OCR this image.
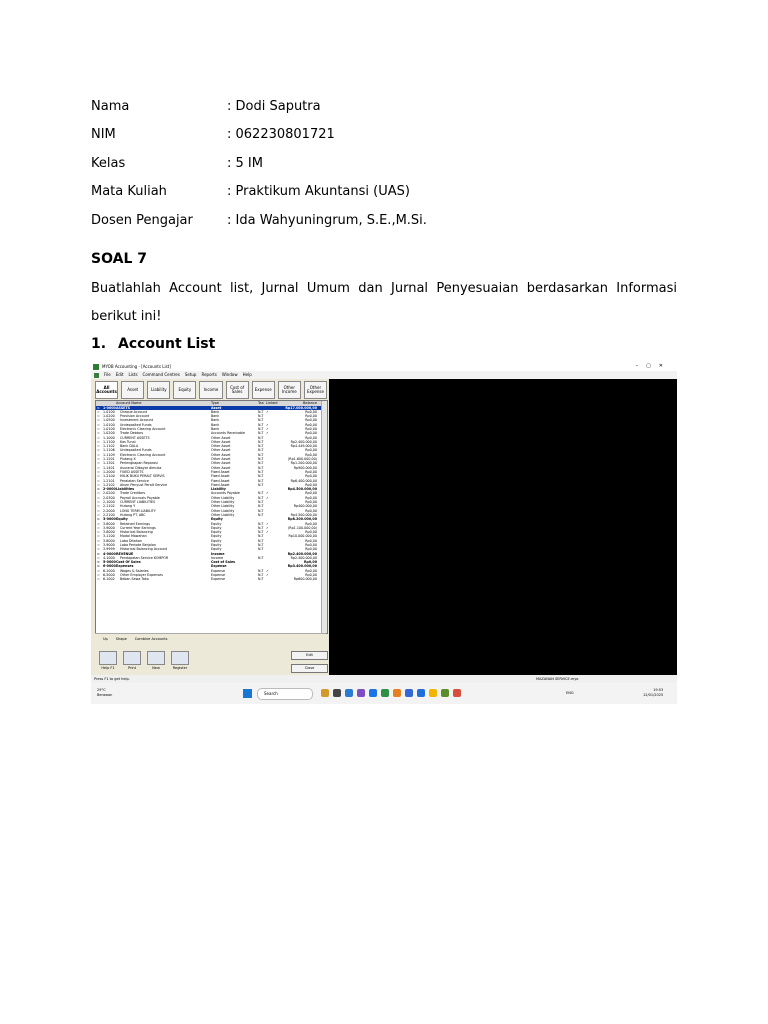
Nama	: Dodi Saputra
NIM	: 062230801721
Kelas	: 5 IM
Mata Kuliah	: Praktikum Akuntansi (UAS)
Dosen Pengajar	: Ida Wahyuningrum, S.E.,M.Si.
SOAL 7
Buatlahlah Account list, Jurnal Umum dan Jurnal Penyesuaian berdasarkan Informasi berikut ini!
1. Account List
MYOB Accounting - [Accounts List]	–▢✕
File Edit Lists Command Centres Setup Reports Window Help
All Accounts	Asset	Liability	Equity	Income	Cost of Sales	Expense	Other Income
Other Expense
Account Name	Type	Tax Linked	Balance
⇨ 1-0000 ASSETS	Asset	Rp17.000.000,00
⇨ 1-0100	Cheque Account	Bank	N-T ✓	Rp0,00
⇨ 1-0200	Provision Account	Bank	N-T	Rp0,00
⇨ 1-0500	Investment Account	Bank	N-T	Rp0,00
⇨ 1-0100	Undeposited Funds	Bank	N-T ✓	Rp0,00
⇨ 1-0100	Electronic Clearing Account	Bank	N-T ✓	Rp0,00
⇨ 1-0200	Trade Debtors	Accounts Receivable	N-T ✓	Rp0,00
⇨ 1-1000	CURRENT ASSETS	Other Asset	N-T	Rp0,00
⇨ 1-1100	Kas Tunai	Other Asset	N-T	Rp2.400.000,00
⇨ 1-1102	Bank DALA	Other Asset	N-T	Rp4.449.000,00
⇨ 1-1106	Undeposited Funds	Other Asset	N-T	Rp0,00
⇨ 1-1109	Electronic Clearing Account	Other Asset	N-T	Rp0,00
⇨ 1-1201	Piutang X	Other Asset	N-T	(Rp1.600.000,00)
⇨ 1-1301	Perlengkapan Reparasi	Other Asset	N-T	Rp1.200.000,00
⇨ 1-1401	Asuransi Dibayar dimuka	Other Asset	N-T	Rp900.000,00
⇨ 1-2000	FIXED ASSETS	Fixed Asset	N-T	Rp0,00
⇨ 1-2100	MILIK BUKU PERALT SERVIS	Fixed Asset	N-T	Rp0,00
⇨ 1-2101	Peralatan Service	Fixed Asset	N-T	Rp6.400.000,00
⇨ 1-2102	Akum Penyust Peralt Service	Fixed Asset	N-T	Rp0,00
⇨ 2-0000 Liabilities	Liability	Rp4.500.000,00
⇨ 2-0200	Trade Creditors	Accounts Payable	N-T ✓	Rp0,00
⇨ 2-0300	Payroll Accruals Payable	Other Liability	N-T ✓	Rp0,00
⇨ 2-1000	CURRENT LIABILITIES	Other Liability	N-T	Rp0,00
⇨ 2-1102	Hutang Y	Other Liability	N-T	Rp400.000,00
⇨ 2-2000	LONG TERM LIABILITY	Other Liability	N-T	Rp0,00
⇨ 2-2100	Hutang PT. ABC	Other Liability	N-T	Rp4.500.000,00
⇨ 3-0000 Equity	Equity	Rp8.200.000,00
⇨ 3-8000	Retained Earnings	Equity	N-T ✓	Rp0,00
⇨ 3-9000	Current Year Earnings	Equity	N-T ✓	(Rp1.100.000,00)
⇨ 3-8000	Historical Balancing	Equity	N-T ✓	Rp0,00
⇨ 3-1100	Modal Mawahan	Equity	N-T	Rp10.000.000,00
⇨ 3-8000	Laba Ditahan	Equity	N-T	Rp0,00
⇨ 3-9000	Laba Periode Berjalan	Equity	N-T	Rp0,00
⇨ 3-9999	Historical Balancing Account	Equity	N-T	Rp0,00
⇨ 4-0000 REVENUE	Income	Rp2.400.000,00
⇨ 4-1000	Pendapatan Service KOMPOR	Income	N-T	Rp2.400.000,00
⇨ 5-0000 Cost Of Sales	Cost of Sales	Rp0,00
⇨ 6-0000 Expenses	Expense	Rp3.400.000,00
⇨ 6-1000	Wages & Salaries	Expense	N-T ✓	Rp0,00
⇨ 6-5000	Other Employer Expenses	Expense	N-T ✓	Rp0,00
⇨ 6-1002	Beban Sewa Toko	Expense	N-T	Rp600.000,00
Up Shape Combine Accounts
Help F1	Print	New	Register
Edit
Close
Press F1 to get help.	MAZANAN SERVICE.myo
29°C
Berawan	Search	ENG
19:53
12/01/2025
